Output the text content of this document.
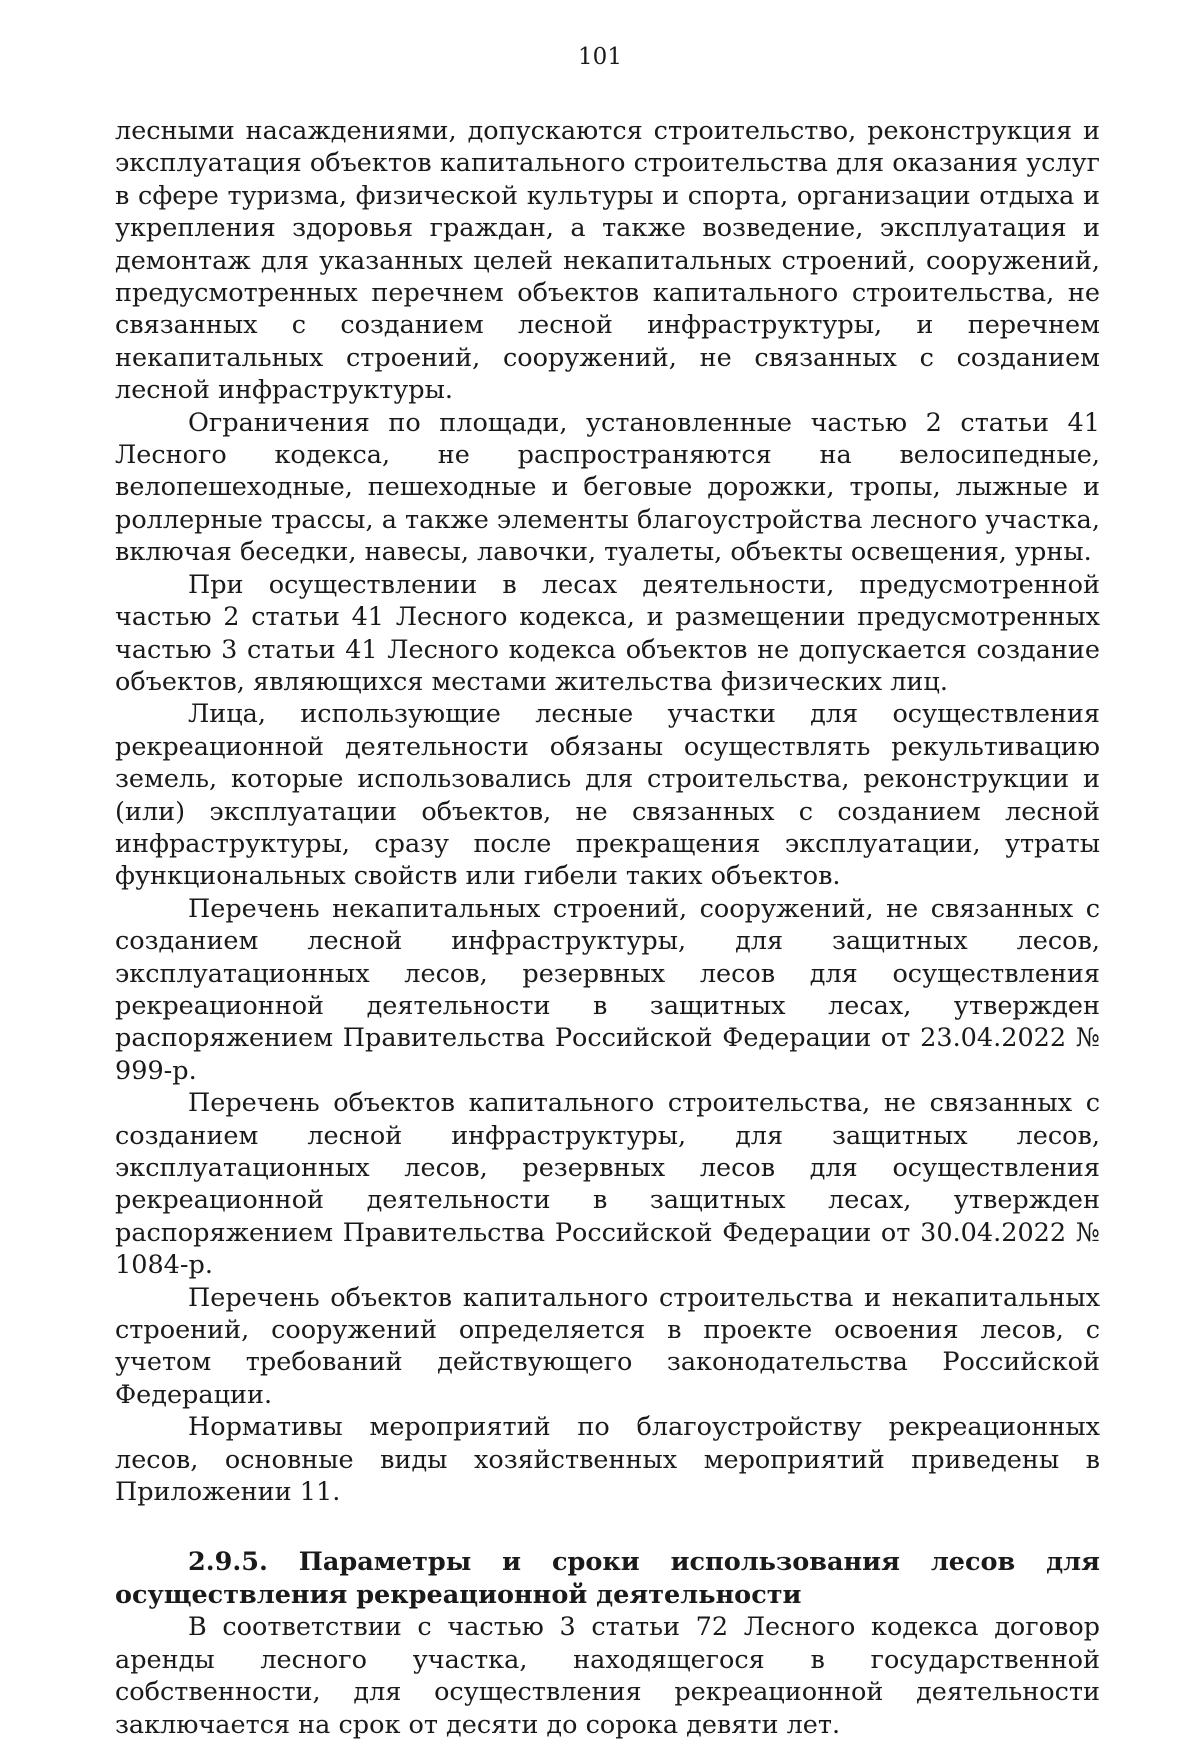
101

лесными насаждениями, допускаются строительство, реконструкция и эксплуатация объектов капитального строительства для оказания услуг в сфере туризма, физической культуры и спорта, организации отдыха и укрепления здоровья граждан, а также возведение, эксплуатация и демонтаж для указанных целей некапитальных строений, сооружений, предусмотренных перечнем объектов капитального строительства, не связанных с созданием лесной инфраструктуры, и перечнем некапитальных строений, сооружений, не связанных с созданием лесной инфраструктуры.

Ограничения по площади, установленные частью 2 статьи 41 Лесного кодекса, не распространяются на велосипедные, велопешеходные, пешеходные и беговые дорожки, тропы, лыжные и роллерные трассы, а также элементы благоустройства лесного участка, включая беседки, навесы, лавочки, туалеты, объекты освещения, урны.

При осуществлении в лесах деятельности, предусмотренной частью 2 статьи 41 Лесного кодекса, и размещении предусмотренных частью 3 статьи 41 Лесного кодекса объектов не допускается создание объектов, являющихся местами жительства физических лиц.

Лица, использующие лесные участки для осуществления рекреационной деятельности обязаны осуществлять рекультивацию земель, которые использовались для строительства, реконструкции и (или) эксплуатации объектов, не связанных с созданием лесной инфраструктуры, сразу после прекращения эксплуатации, утраты функциональных свойств или гибели таких объектов.

Перечень некапитальных строений, сооружений, не связанных с созданием лесной инфраструктуры, для защитных лесов, эксплуатационных лесов, резервных лесов для осуществления рекреационной деятельности в защитных лесах, утвержден распоряжением Правительства Российской Федерации от 23.04.2022 № 999-р.

Перечень объектов капитального строительства, не связанных с созданием лесной инфраструктуры, для защитных лесов, эксплуатационных лесов, резервных лесов для осуществления рекреационной деятельности в защитных лесах, утвержден распоряжением Правительства Российской Федерации от 30.04.2022 № 1084-р.

Перечень объектов капитального строительства и некапитальных строений, сооружений определяется в проекте освоения лесов, с учетом требований действующего законодательства Российской Федерации.

Нормативы мероприятий по благоустройству рекреационных лесов, основные виды хозяйственных мероприятий приведены в Приложении 11.

2.9.5. Параметры и сроки использования лесов для осуществления рекреационной деятельности

В соответствии с частью 3 статьи 72 Лесного кодекса договор аренды лесного участка, находящегося в государственной собственности, для осуществления рекреационной деятельности заключается на срок от десяти до сорока девяти лет.
